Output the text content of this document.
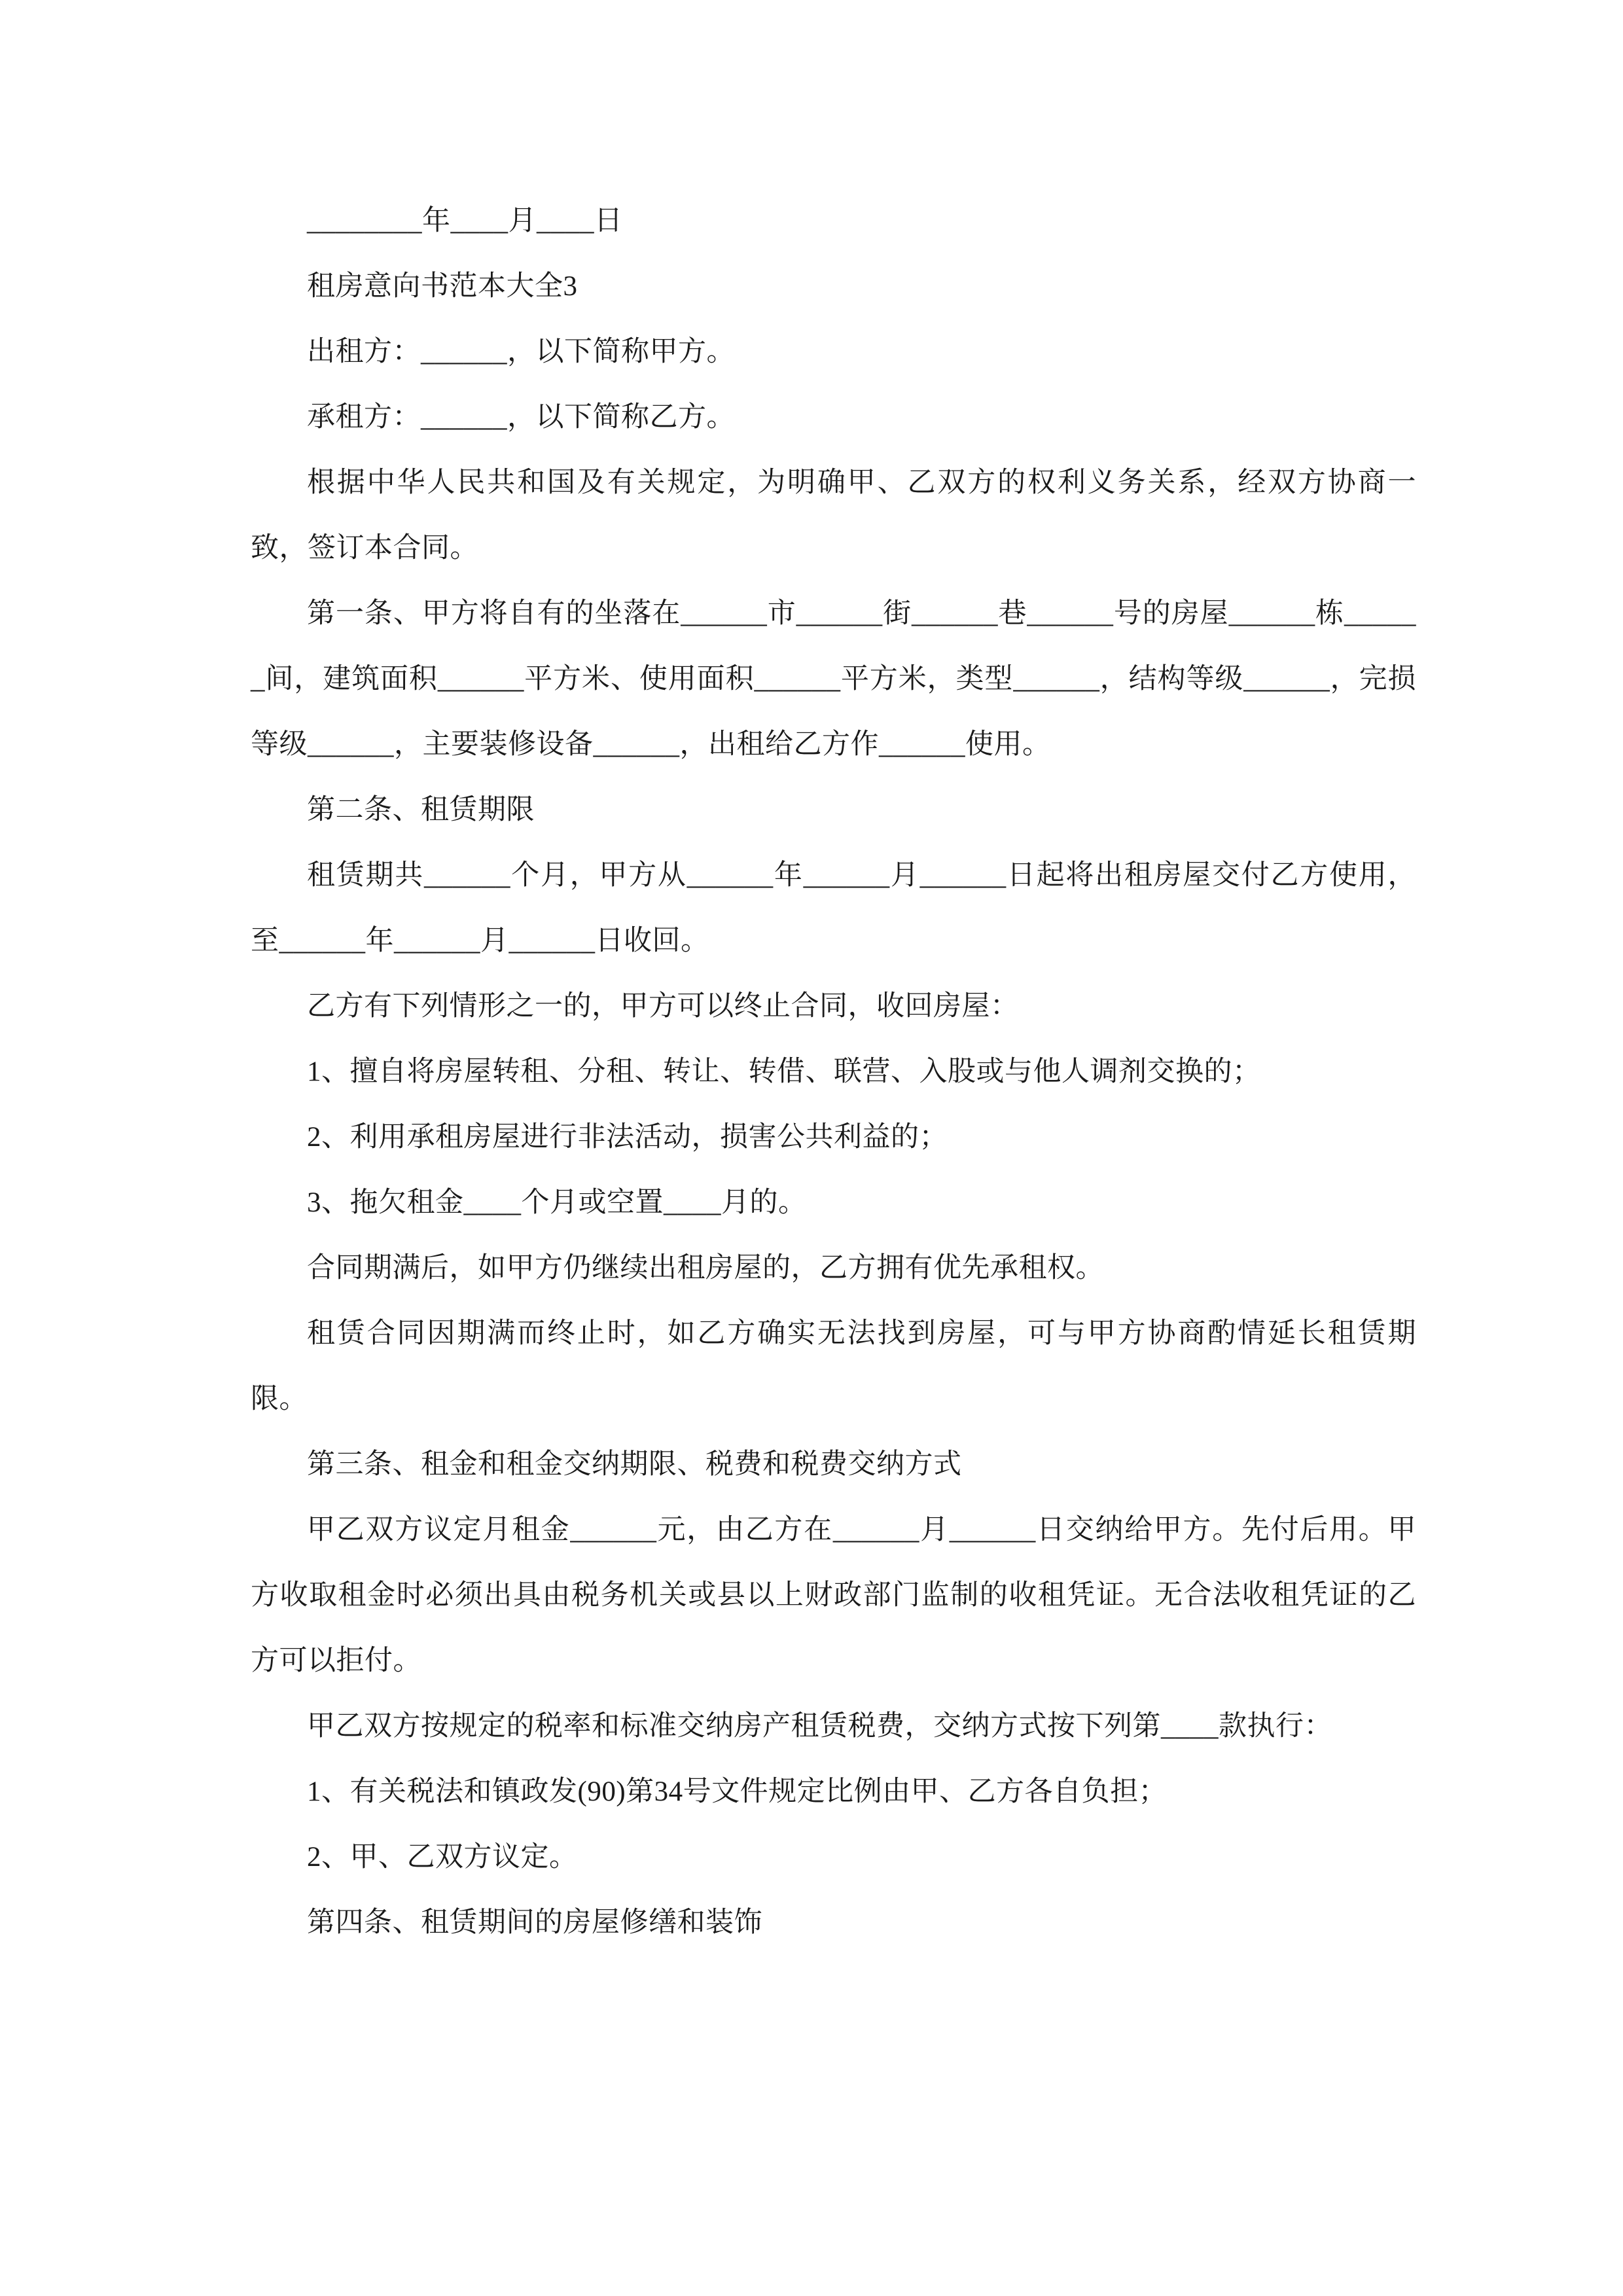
________年____月____日

租房意向书范本大全3

出租方：______，以下简称甲方。

承租方：______，以下简称乙方。

根据中华人民共和国及有关规定，为明确甲、乙双方的权利义务关系，经双方协商一致，签订本合同。

第一条、甲方将自有的坐落在______市______街______巷______号的房屋______栋______间，建筑面积______平方米、使用面积______平方米，类型______，结构等级______，完损等级______，主要装修设备______，出租给乙方作______使用。

第二条、租赁期限

租赁期共______个月，甲方从______年______月______日起将出租房屋交付乙方使用，至______年______月______日收回。

乙方有下列情形之一的，甲方可以终止合同，收回房屋：

1、擅自将房屋转租、分租、转让、转借、联营、入股或与他人调剂交换的；

2、利用承租房屋进行非法活动，损害公共利益的；

3、拖欠租金____个月或空置____月的。

合同期满后，如甲方仍继续出租房屋的，乙方拥有优先承租权。

租赁合同因期满而终止时，如乙方确实无法找到房屋，可与甲方协商酌情延长租赁期限。

第三条、租金和租金交纳期限、税费和税费交纳方式

甲乙双方议定月租金______元，由乙方在______月______日交纳给甲方。先付后用。甲方收取租金时必须出具由税务机关或县以上财政部门监制的收租凭证。无合法收租凭证的乙方可以拒付。

甲乙双方按规定的税率和标准交纳房产租赁税费，交纳方式按下列第____款执行：

1、有关税法和镇政发(90)第34号文件规定比例由甲、乙方各自负担；

2、甲、乙双方议定。

第四条、租赁期间的房屋修缮和装饰
